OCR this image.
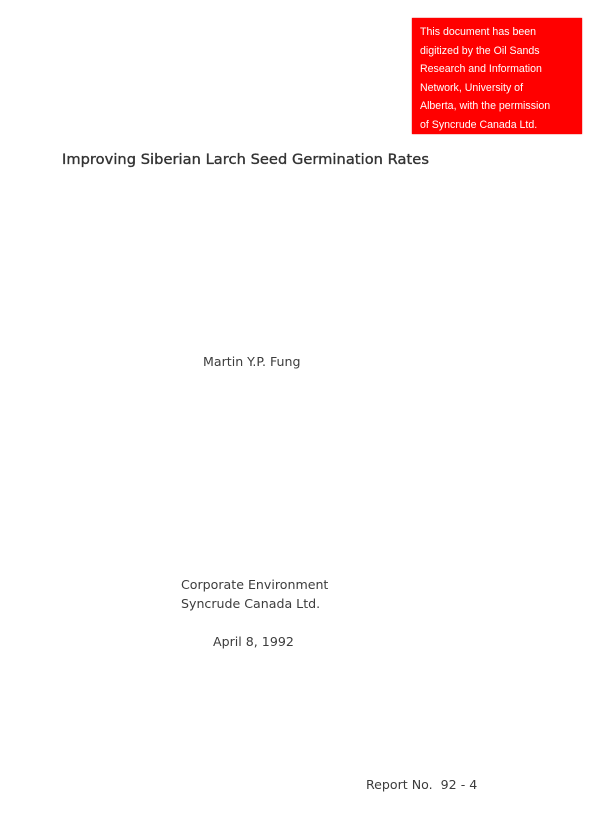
This document has been
digitized by the Oil Sands
Research and Information
Network, University of
Alberta, with the permission
of Syncrude Canada Ltd.
Improving Siberian Larch Seed Germination Rates
Martin Y.P. Fung
Corporate Environment
Syncrude Canada Ltd.
April 8, 1992
Report No.  92 - 4
